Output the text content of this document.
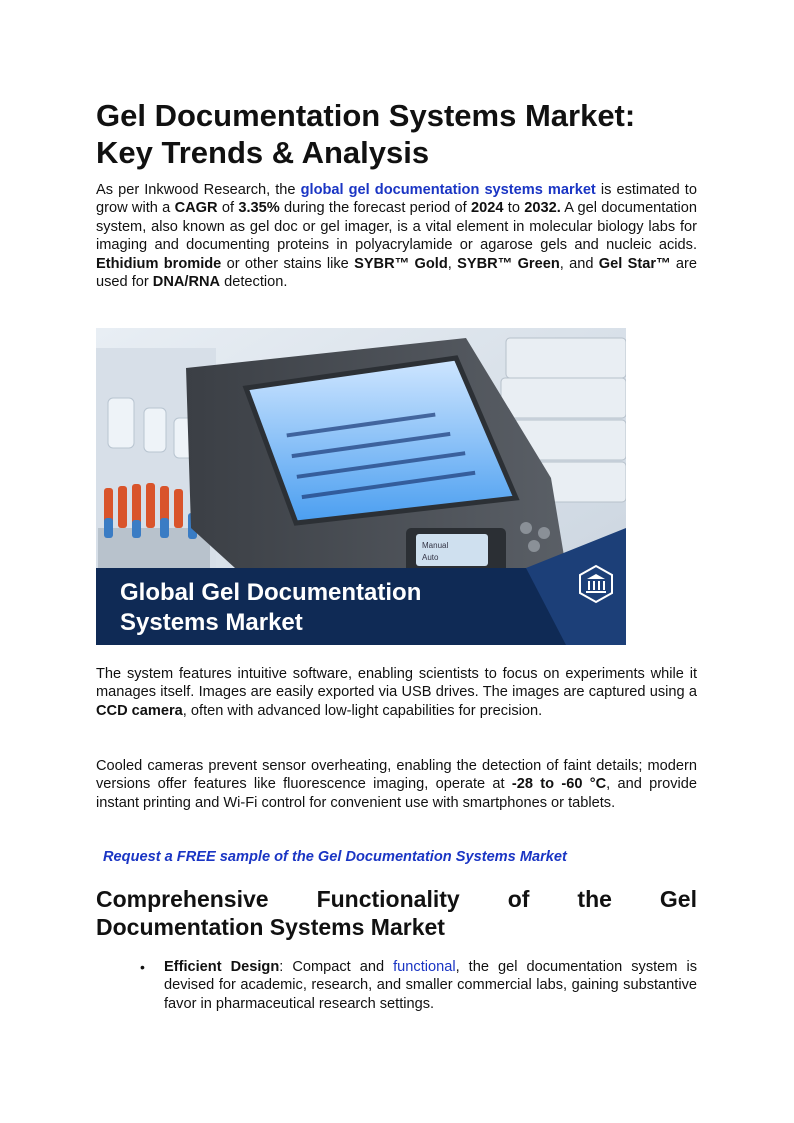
Gel Documentation Systems Market:
Key Trends & Analysis

As per Inkwood Research, the global gel documentation systems market is estimated to grow with a CAGR of 3.35% during the forecast period of 2024 to 2032. A gel documentation system, also known as gel doc or gel imager, is a vital element in molecular biology labs for imaging and documenting proteins in polyacrylamide or agarose gels and nucleic acids. Ethidium bromide or other stains like SYBR™ Gold, SYBR™ Green, and Gel Star™ are used for DNA/RNA detection.

Manual
Auto
Global Gel Documentation
Systems Market

The system features intuitive software, enabling scientists to focus on experiments while it manages itself. Images are easily exported via USB drives. The images are captured using a CCD camera, often with advanced low-light capabilities for precision.

Cooled cameras prevent sensor overheating, enabling the detection of faint details; modern versions offer features like fluorescence imaging, operate at -28 to -60 °C, and provide instant printing and Wi-Fi control for convenient use with smartphones or tablets.

Request a FREE sample of the Gel Documentation Systems Market
Comprehensive Functionality of the Gel
Documentation Systems Market
• Efficient Design: Compact and functional, the gel documentation system is devised for academic, research, and smaller commercial labs, gaining substantive favor in pharmaceutical research settings.
